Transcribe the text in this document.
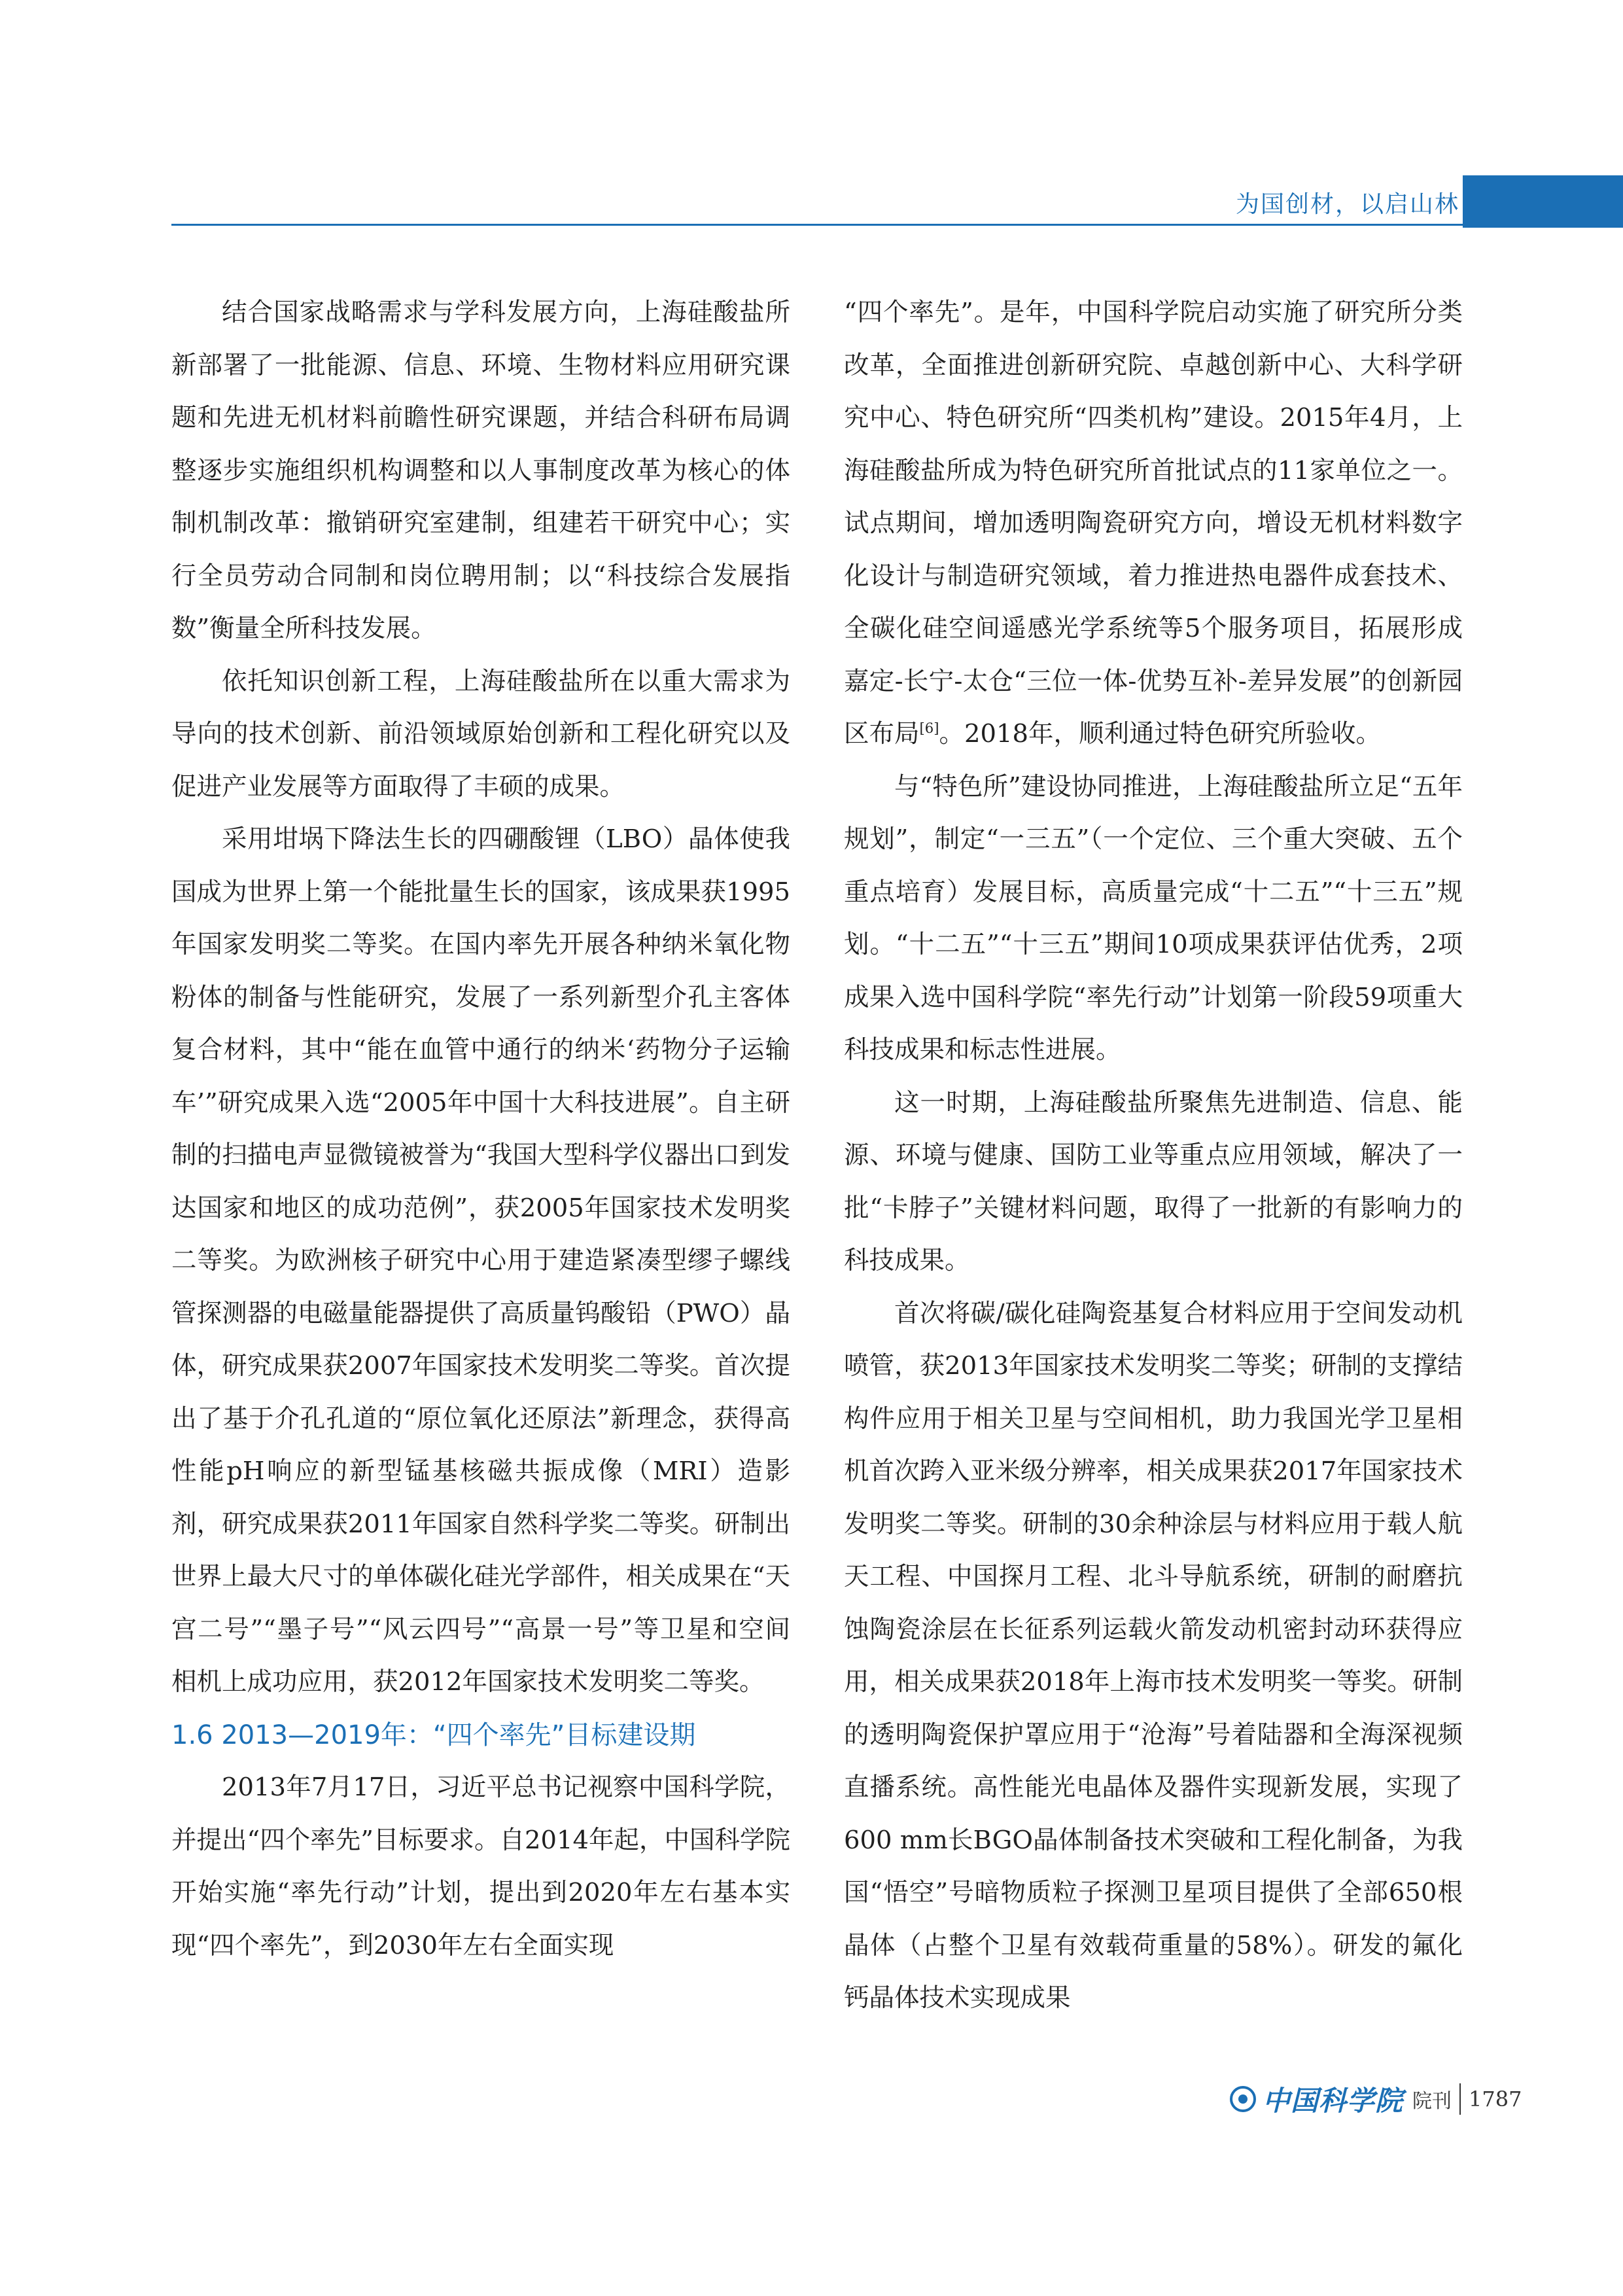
为国创材，以启山林

结合国家战略需求与学科发展方向，上海硅酸盐所新部署了一批能源、信息、环境、生物材料应用研究课题和先进无机材料前瞻性研究课题，并结合科研布局调整逐步实施组织机构调整和以人事制度改革为核心的体制机制改革：撤销研究室建制，组建若干研究中心；实行全员劳动合同制和岗位聘用制；以“科技综合发展指数”衡量全所科技发展。

依托知识创新工程，上海硅酸盐所在以重大需求为导向的技术创新、前沿领域原始创新和工程化研究以及促进产业发展等方面取得了丰硕的成果。

采用坩埚下降法生长的四硼酸锂（LBO）晶体使我国成为世界上第一个能批量生长的国家，该成果获1995年国家发明奖二等奖。在国内率先开展各种纳米氧化物粉体的制备与性能研究，发展了一系列新型介孔主客体复合材料，其中“能在血管中通行的纳米‘药物分子运输车’”研究成果入选“2005年中国十大科技进展”。自主研制的扫描电声显微镜被誉为“我国大型科学仪器出口到发达国家和地区的成功范例”，获2005年国家技术发明奖二等奖。为欧洲核子研究中心用于建造紧凑型缪子螺线管探测器的电磁量能器提供了高质量钨酸铅（PWO）晶体，研究成果获2007年国家技术发明奖二等奖。首次提出了基于介孔孔道的“原位氧化还原法”新理念，获得高性能pH响应的新型锰基核磁共振成像（MRI）造影剂，研究成果获2011年国家自然科学奖二等奖。研制出世界上最大尺寸的单体碳化硅光学部件，相关成果在“天宫二号”“墨子号”“风云四号”“高景一号”等卫星和空间相机上成功应用，获2012年国家技术发明奖二等奖。

1.6 2013—2019年：“四个率先”目标建设期

2013年7月17日，习近平总书记视察中国科学院，并提出“四个率先”目标要求。自2014年起，中国科学院开始实施“率先行动”计划，提出到2020年左右基本实现“四个率先”，到2030年左右全面实现

“四个率先”。是年，中国科学院启动实施了研究所分类改革，全面推进创新研究院、卓越创新中心、大科学研究中心、特色研究所“四类机构”建设。2015年4月，上海硅酸盐所成为特色研究所首批试点的11家单位之一。试点期间，增加透明陶瓷研究方向，增设无机材料数字化设计与制造研究领域，着力推进热电器件成套技术、全碳化硅空间遥感光学系统等5个服务项目，拓展形成嘉定-长宁-太仓“三位一体-优势互补-差异发展”的创新园区布局[6]。2018年，顺利通过特色研究所验收。

与“特色所”建设协同推进，上海硅酸盐所立足“五年规划”，制定“一三五”（一个定位、三个重大突破、五个重点培育）发展目标，高质量完成“十二五”“十三五”规划。“十二五”“十三五”期间10项成果获评估优秀，2项成果入选中国科学院“率先行动”计划第一阶段59项重大科技成果和标志性进展。

这一时期，上海硅酸盐所聚焦先进制造、信息、能源、环境与健康、国防工业等重点应用领域，解决了一批“卡脖子”关键材料问题，取得了一批新的有影响力的科技成果。

首次将碳/碳化硅陶瓷基复合材料应用于空间发动机喷管，获2013年国家技术发明奖二等奖；研制的支撑结构件应用于相关卫星与空间相机，助力我国光学卫星相机首次跨入亚米级分辨率，相关成果获2017年国家技术发明奖二等奖。研制的30余种涂层与材料应用于载人航天工程、中国探月工程、北斗导航系统，研制的耐磨抗蚀陶瓷涂层在长征系列运载火箭发动机密封动环获得应用，相关成果获2018年上海市技术发明奖一等奖。研制的透明陶瓷保护罩应用于“沧海”号着陆器和全海深视频直播系统。高性能光电晶体及器件实现新发展，实现了600 mm长BGO晶体制备技术突破和工程化制备，为我国“悟空”号暗物质粒子探测卫星项目提供了全部650根晶体（占整个卫星有效载荷重量的58%）。研发的氟化钙晶体技术实现成果

中国科学院 院刊 1787
